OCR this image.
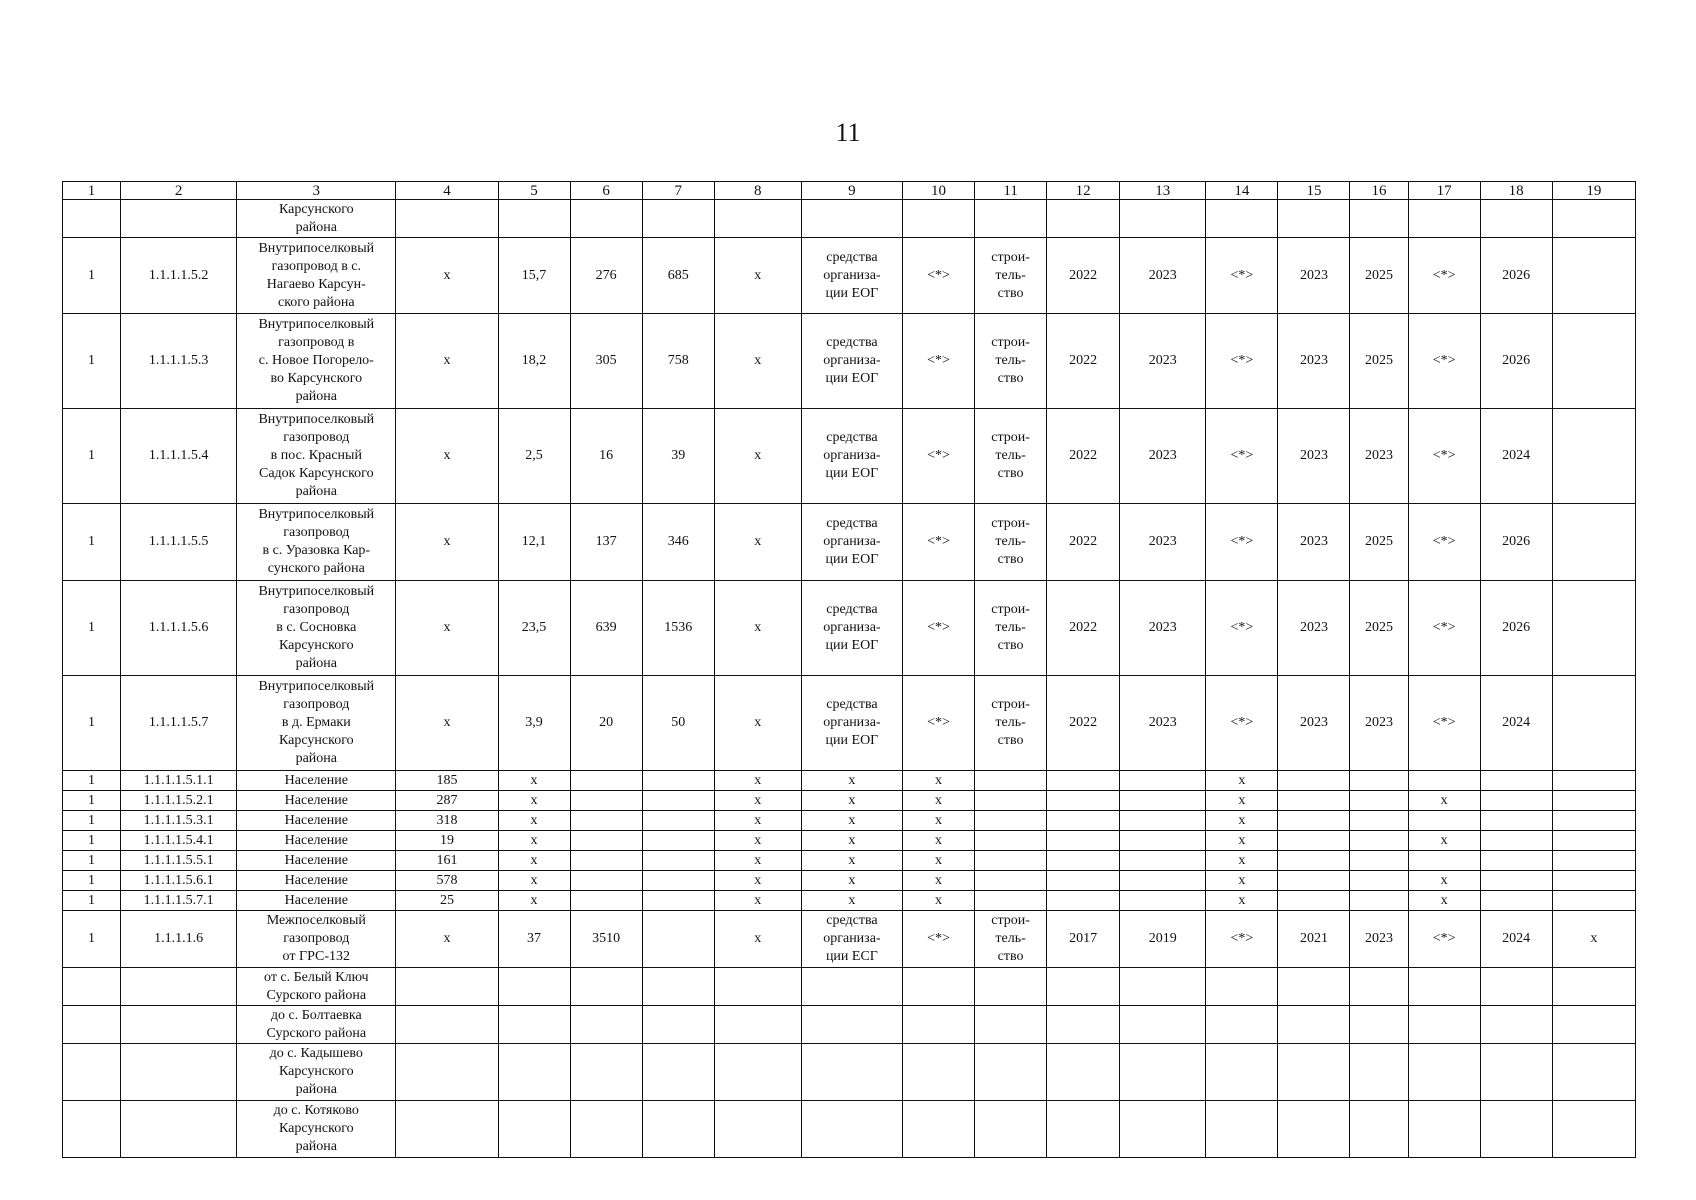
11
1	2	3	4	5	6	7	8	9	10	11	12	13	14	15	16	17	18	19
		Карсунского
района																
1	1.1.1.1.5.2	Внутрипоселковый
газопровод в с.
Нагаево Карсун-
ского района	x	15,7	276	685	x	средства
организа-
ции ЕОГ	<*>	строи-
тель-
ство	2022	2023	<*>	2023	2025	<*>	2026	
1	1.1.1.1.5.3	Внутрипоселковый
газопровод в
с. Новое Погорело-
во Карсунского
района	x	18,2	305	758	x	средства
организа-
ции ЕОГ	<*>	строи-
тель-
ство	2022	2023	<*>	2023	2025	<*>	2026	
1	1.1.1.1.5.4	Внутрипоселковый
газопровод
в пос. Красный
Садок Карсунского
района	x	2,5	16	39	x	средства
организа-
ции ЕОГ	<*>	строи-
тель-
ство	2022	2023	<*>	2023	2023	<*>	2024	
1	1.1.1.1.5.5	Внутрипоселковый
газопровод
в с. Уразовка Кар-
сунского района	x	12,1	137	346	x	средства
организа-
ции ЕОГ	<*>	строи-
тель-
ство	2022	2023	<*>	2023	2025	<*>	2026	
1	1.1.1.1.5.6	Внутрипоселковый
газопровод
в с. Сосновка
Карсунского
района	x	23,5	639	1536	x	средства
организа-
ции ЕОГ	<*>	строи-
тель-
ство	2022	2023	<*>	2023	2025	<*>	2026	
1	1.1.1.1.5.7	Внутрипоселковый
газопровод
в д. Ермаки
Карсунского
района	x	3,9	20	50	x	средства
организа-
ции ЕОГ	<*>	строи-
тель-
ство	2022	2023	<*>	2023	2023	<*>	2024	
1	1.1.1.1.5.1.1	Население	185	x			x	x	x				x					
1	1.1.1.1.5.2.1	Население	287	x			x	x	x				x			x		
1	1.1.1.1.5.3.1	Население	318	x			x	x	x				x					
1	1.1.1.1.5.4.1	Население	19	x			x	x	x				x			x		
1	1.1.1.1.5.5.1	Население	161	x			x	x	x				x					
1	1.1.1.1.5.6.1	Население	578	x			x	x	x				x			x		
1	1.1.1.1.5.7.1	Население	25	x			x	x	x				x			x		
1	1.1.1.1.6	Межпоселковый
газопровод
от ГРС-132	x	37	3510		x	средства
организа-
ции ЕСГ	<*>	строи-
тель-
ство	2017	2019	<*>	2021	2023	<*>	2024	x
		от с. Белый Ключ
Сурского района																
		до с. Болтаевка
Сурского района																
		до с. Кадышево
Карсунского
района																
		до с. Котяково
Карсунского
района																
